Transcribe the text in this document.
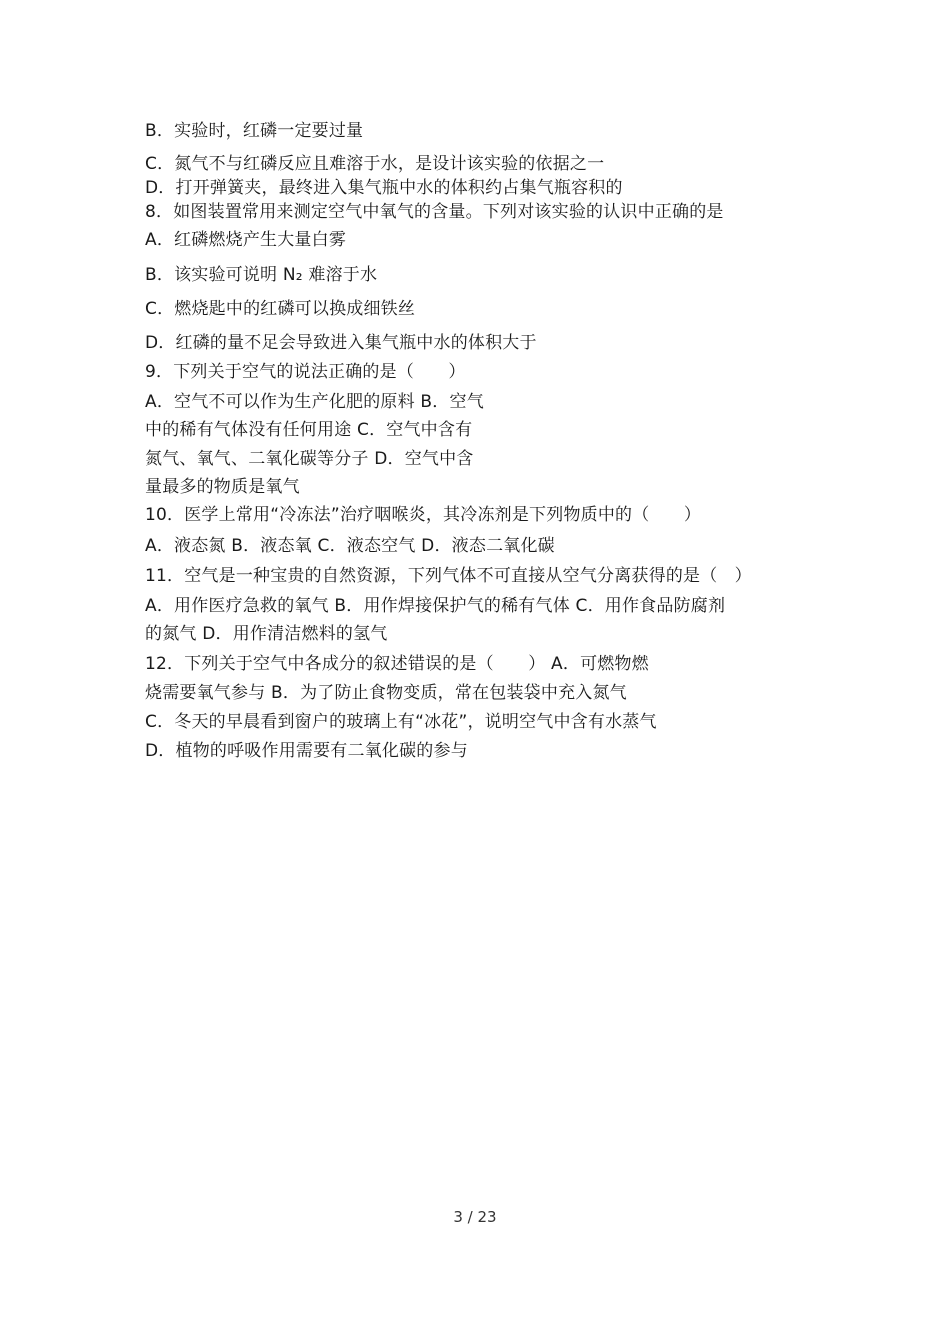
B．实验时，红磷一定要过量
C．氮气不与红磷反应且难溶于水，是设计该实验的依据之一
D．打开弹簧夹，最终进入集气瓶中水的体积约占集气瓶容积的
8．如图装置常用来测定空气中氧气的含量。下列对该实验的认识中正确的是
A．红磷燃烧产生大量白雾
B．该实验可说明 N₂ 难溶于水
C．燃烧匙中的红磷可以换成细铁丝
D．红磷的量不足会导致进入集气瓶中水的体积大于
9．下列关于空气的说法正确的是（　　）
A．空气不可以作为生产化肥的原料 B．空气
中的稀有气体没有任何用途 C．空气中含有
氮气、氧气、二氧化碳等分子 D．空气中含
量最多的物质是氧气
10．医学上常用“冷冻法”治疗咽喉炎，其冷冻剂是下列物质中的（　　）
A．液态氮 B．液态氧 C．液态空气 D．液态二氧化碳
11．空气是一种宝贵的自然资源，下列气体不可直接从空气分离获得的是（　）
A．用作医疗急救的氧气 B．用作焊接保护气的稀有气体 C．用作食品防腐剂
的氮气 D．用作清洁燃料的氢气
12．下列关于空气中各成分的叙述错误的是（　　） A．可燃物燃
烧需要氧气参与 B．为了防止食物变质，常在包装袋中充入氮气
C．冬天的早晨看到窗户的玻璃上有“冰花”，说明空气中含有水蒸气
D．植物的呼吸作用需要有二氧化碳的参与
3 / 23
